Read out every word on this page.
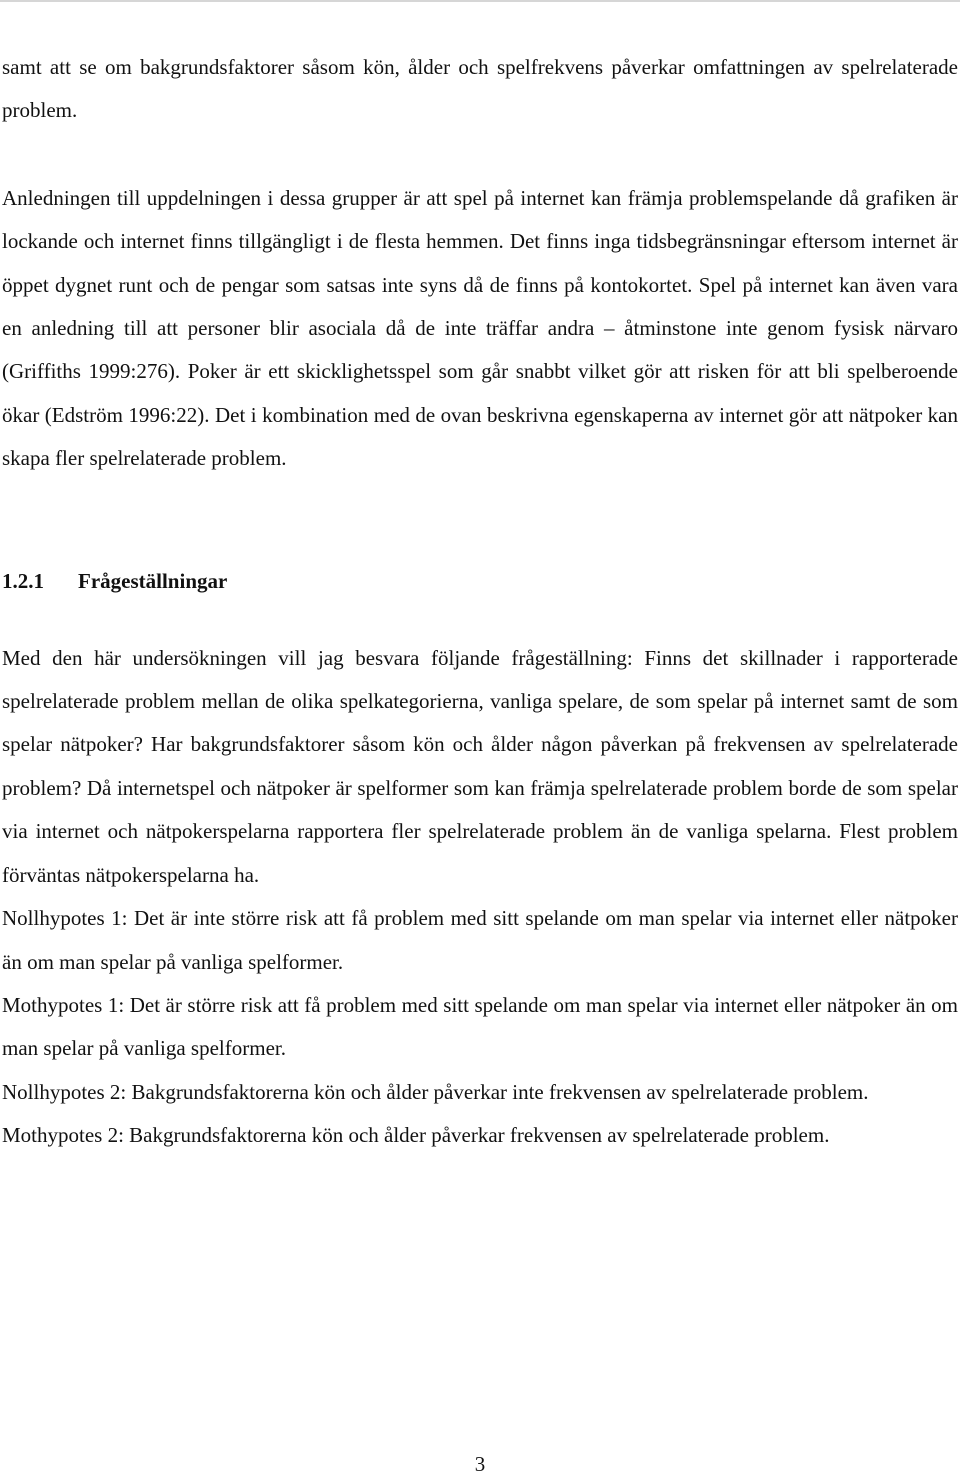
samt att se om bakgrundsfaktorer såsom kön, ålder och spelfrekvens påverkar omfattningen av spelrelaterade problem.

Anledningen till uppdelningen i dessa grupper är att spel på internet kan främja problemspelande då grafiken är lockande och internet finns tillgängligt i de flesta hemmen. Det finns inga tidsbegränsningar eftersom internet är öppet dygnet runt och de pengar som satsas inte syns då de finns på kontokortet. Spel på internet kan även vara en anledning till att personer blir asociala då de inte träffar andra – åtminstone inte genom fysisk närvaro (Griffiths 1999:276). Poker är ett skicklighetsspel som går snabbt vilket gör att risken för att bli spelberoende ökar (Edström 1996:22). Det i kombination med de ovan beskrivna egenskaperna av internet gör att nätpoker kan skapa fler spelrelaterade problem.

1.2.1 Frågeställningar

Med den här undersökningen vill jag besvara följande frågeställning: Finns det skillnader i rapporterade spelrelaterade problem mellan de olika spelkategorierna, vanliga spelare, de som spelar på internet samt de som spelar nätpoker? Har bakgrundsfaktorer såsom kön och ålder någon påverkan på frekvensen av spelrelaterade problem? Då internetspel och nätpoker är spelformer som kan främja spelrelaterade problem borde de som spelar via internet och nätpokerspelarna rapportera fler spelrelaterade problem än de vanliga spelarna. Flest problem förväntas nätpokerspelarna ha.

Nollhypotes 1: Det är inte större risk att få problem med sitt spelande om man spelar via internet eller nätpoker än om man spelar på vanliga spelformer.

Mothypotes 1: Det är större risk att få problem med sitt spelande om man spelar via internet eller nätpoker än om man spelar på vanliga spelformer.

Nollhypotes 2: Bakgrundsfaktorerna kön och ålder påverkar inte frekvensen av spelrelaterade problem.

Mothypotes 2: Bakgrundsfaktorerna kön och ålder påverkar frekvensen av spelrelaterade problem.

3
